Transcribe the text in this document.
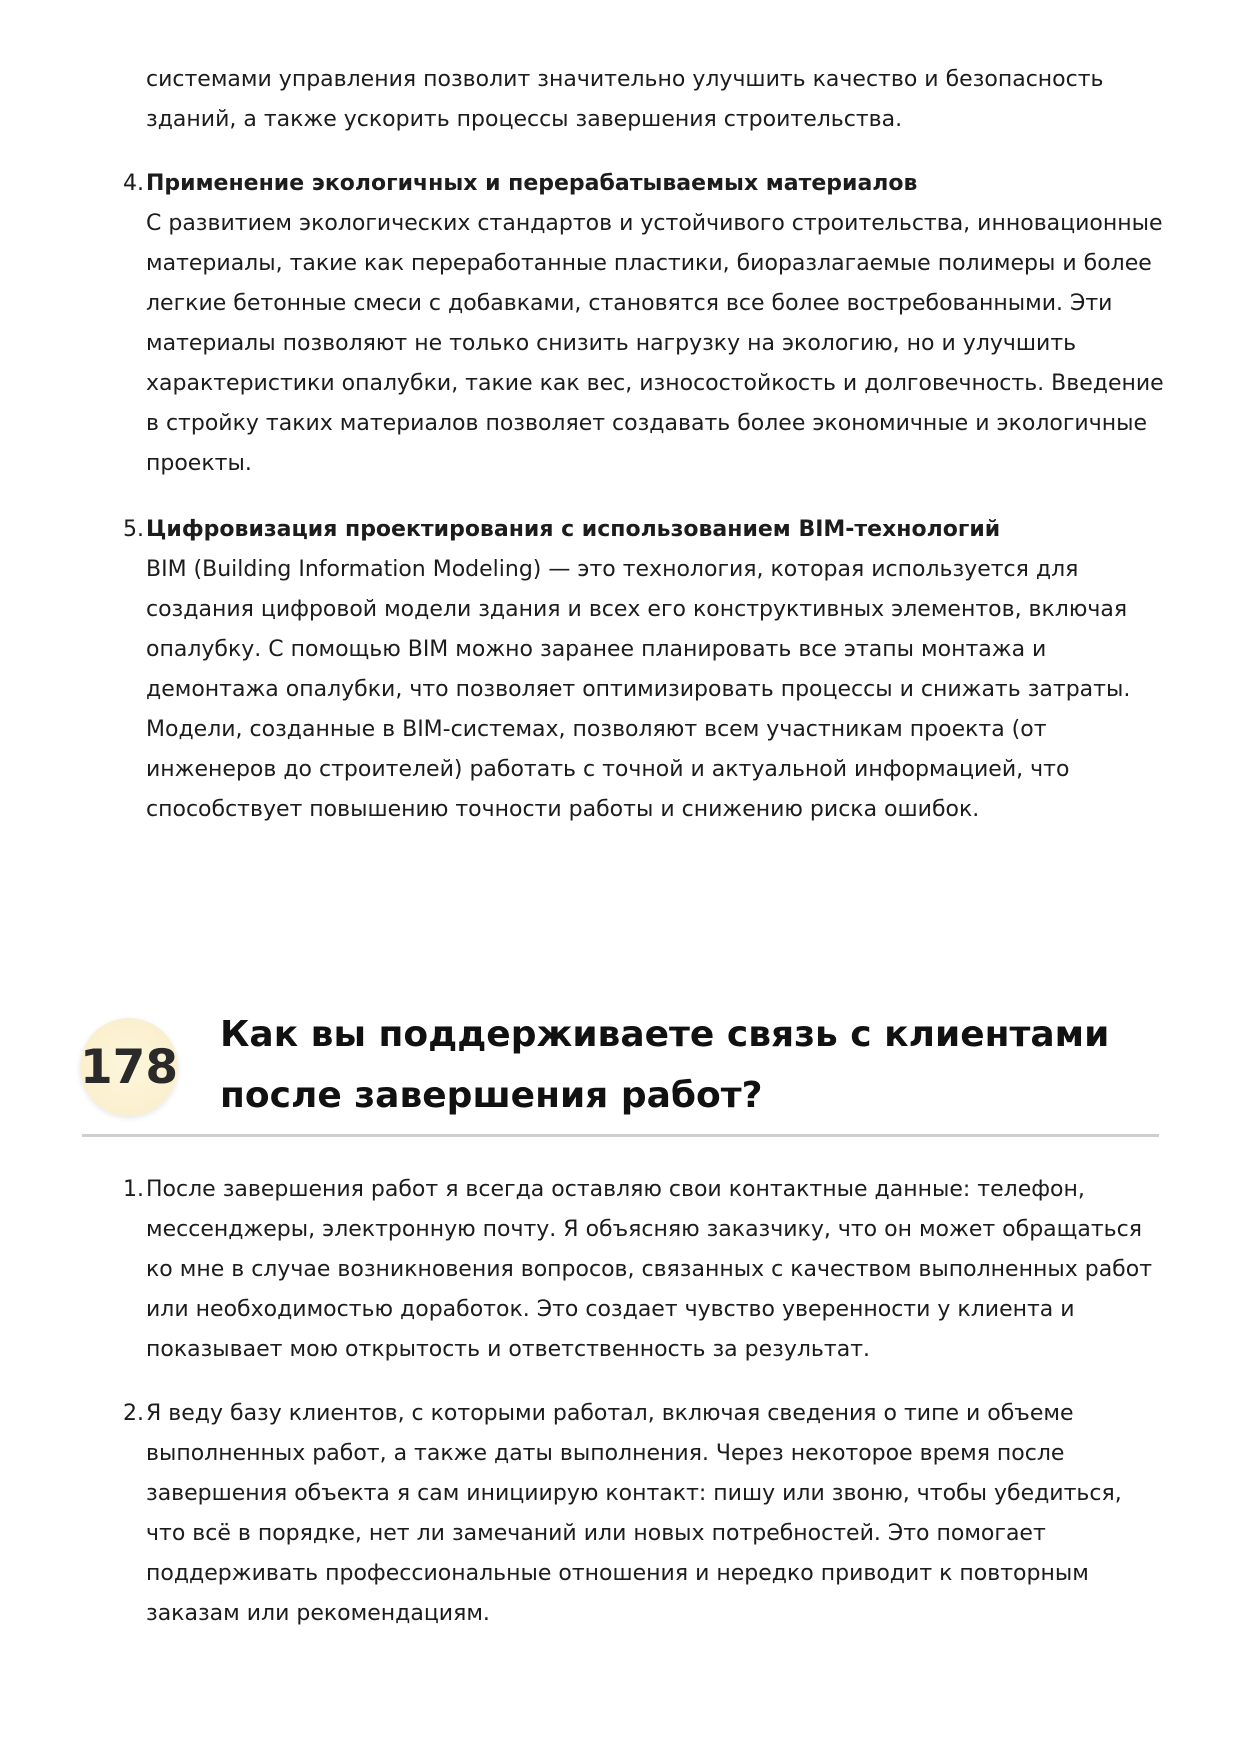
системами управления позволит значительно улучшить качество и безопасность зданий, а также ускорить процессы завершения строительства.

4. Применение экологичных и перерабатываемых материалов
С развитием экологических стандартов и устойчивого строительства, инновационные материалы, такие как переработанные пластики, биоразлагаемые полимеры и более легкие бетонные смеси с добавками, становятся все более востребованными. Эти материалы позволяют не только снизить нагрузку на экологию, но и улучшить характеристики опалубки, такие как вес, износостойкость и долговечность. Введение в стройку таких материалов позволяет создавать более экономичные и экологичные проекты.
5. Цифровизация проектирования с использованием BIM-технологий
BIM (Building Information Modeling) — это технология, которая используется для создания цифровой модели здания и всех его конструктивных элементов, включая опалубку. С помощью BIM можно заранее планировать все этапы монтажа и демонтажа опалубки, что позволяет оптимизировать процессы и снижать затраты. Модели, созданные в BIM-системах, позволяют всем участникам проекта (от инженеров до строителей) работать с точной и актуальной информацией, что способствует повышению точности работы и снижению риска ошибок.
178
Как вы поддерживаете связь с клиентами после завершения работ?
1. После завершения работ я всегда оставляю свои контактные данные: телефон, мессенджеры, электронную почту. Я объясняю заказчику, что он может обращаться ко мне в случае возникновения вопросов, связанных с качеством выполненных работ или необходимостью доработок. Это создает чувство уверенности у клиента и показывает мою открытость и ответственность за результат.
2. Я веду базу клиентов, с которыми работал, включая сведения о типе и объеме выполненных работ, а также даты выполнения. Через некоторое время после завершения объекта я сам инициирую контакт: пишу или звоню, чтобы убедиться, что всё в порядке, нет ли замечаний или новых потребностей. Это помогает поддерживать профессиональные отношения и нередко приводит к повторным заказам или рекомендациям.
